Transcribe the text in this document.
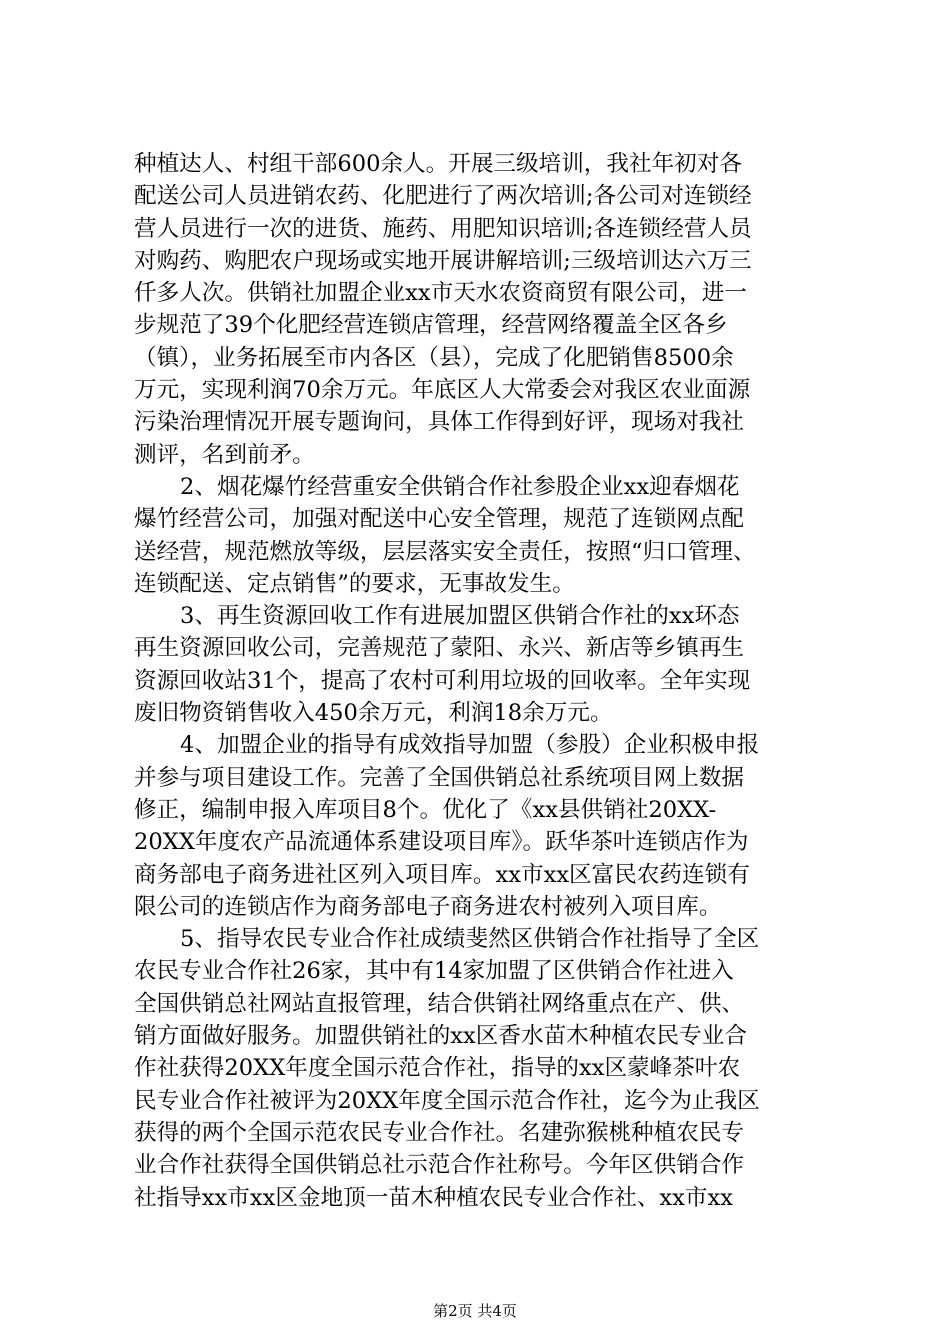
种植达人、村组干部600余人。开展三级培训，我社年初对各
配送公司人员进销农药、化肥进行了两次培训;各公司对连锁经
营人员进行一次的进货、施药、用肥知识培训;各连锁经营人员
对购药、购肥农户现场或实地开展讲解培训;三级培训达六万三
仟多人次。供销社加盟企业xx市天水农资商贸有限公司，进一
步规范了39个化肥经营连锁店管理，经营网络覆盖全区各乡
（镇），业务拓展至市内各区（县），完成了化肥销售8500余
万元，实现利润70余万元。年底区人大常委会对我区农业面源
污染治理情况开展专题询问，具体工作得到好评，现场对我社
测评，名到前矛。
2、烟花爆竹经营重安全供销合作社参股企业xx迎春烟花
爆竹经营公司，加强对配送中心安全管理，规范了连锁网点配
送经营，规范燃放等级，层层落实安全责任，按照“归口管理、
连锁配送、定点销售”的要求，无事故发生。
3、再生资源回收工作有进展加盟区供销合作社的xx环态
再生资源回收公司，完善规范了蒙阳、永兴、新店等乡镇再生
资源回收站31个，提高了农村可利用垃圾的回收率。全年实现
废旧物资销售收入450余万元，利润18余万元。
4、加盟企业的指导有成效指导加盟（参股）企业积极申报
并参与项目建设工作。完善了全国供销总社系统项目网上数据
修正，编制申报入库项目8个。优化了《xx县供销社20XX-
20XX年度农产品流通体系建设项目库》。跃华茶叶连锁店作为
商务部电子商务进社区列入项目库。xx市xx区富民农药连锁有
限公司的连锁店作为商务部电子商务进农村被列入项目库。
5、指导农民专业合作社成绩斐然区供销合作社指导了全区
农民专业合作社26家，其中有14家加盟了区供销合作社进入
全国供销总社网站直报管理，结合供销社网络重点在产、供、
销方面做好服务。加盟供销社的xx区香水苗木种植农民专业合
作社获得20XX年度全国示范合作社，指导的xx区蒙峰茶叶农
民专业合作社被评为20XX年度全国示范合作社，迄今为止我区
获得的两个全国示范农民专业合作社。名建弥猴桃种植农民专
业合作社获得全国供销总社示范合作社称号。今年区供销合作
社指导xx市xx区金地顶一苗木种植农民专业合作社、xx市xx
第2页 共4页
